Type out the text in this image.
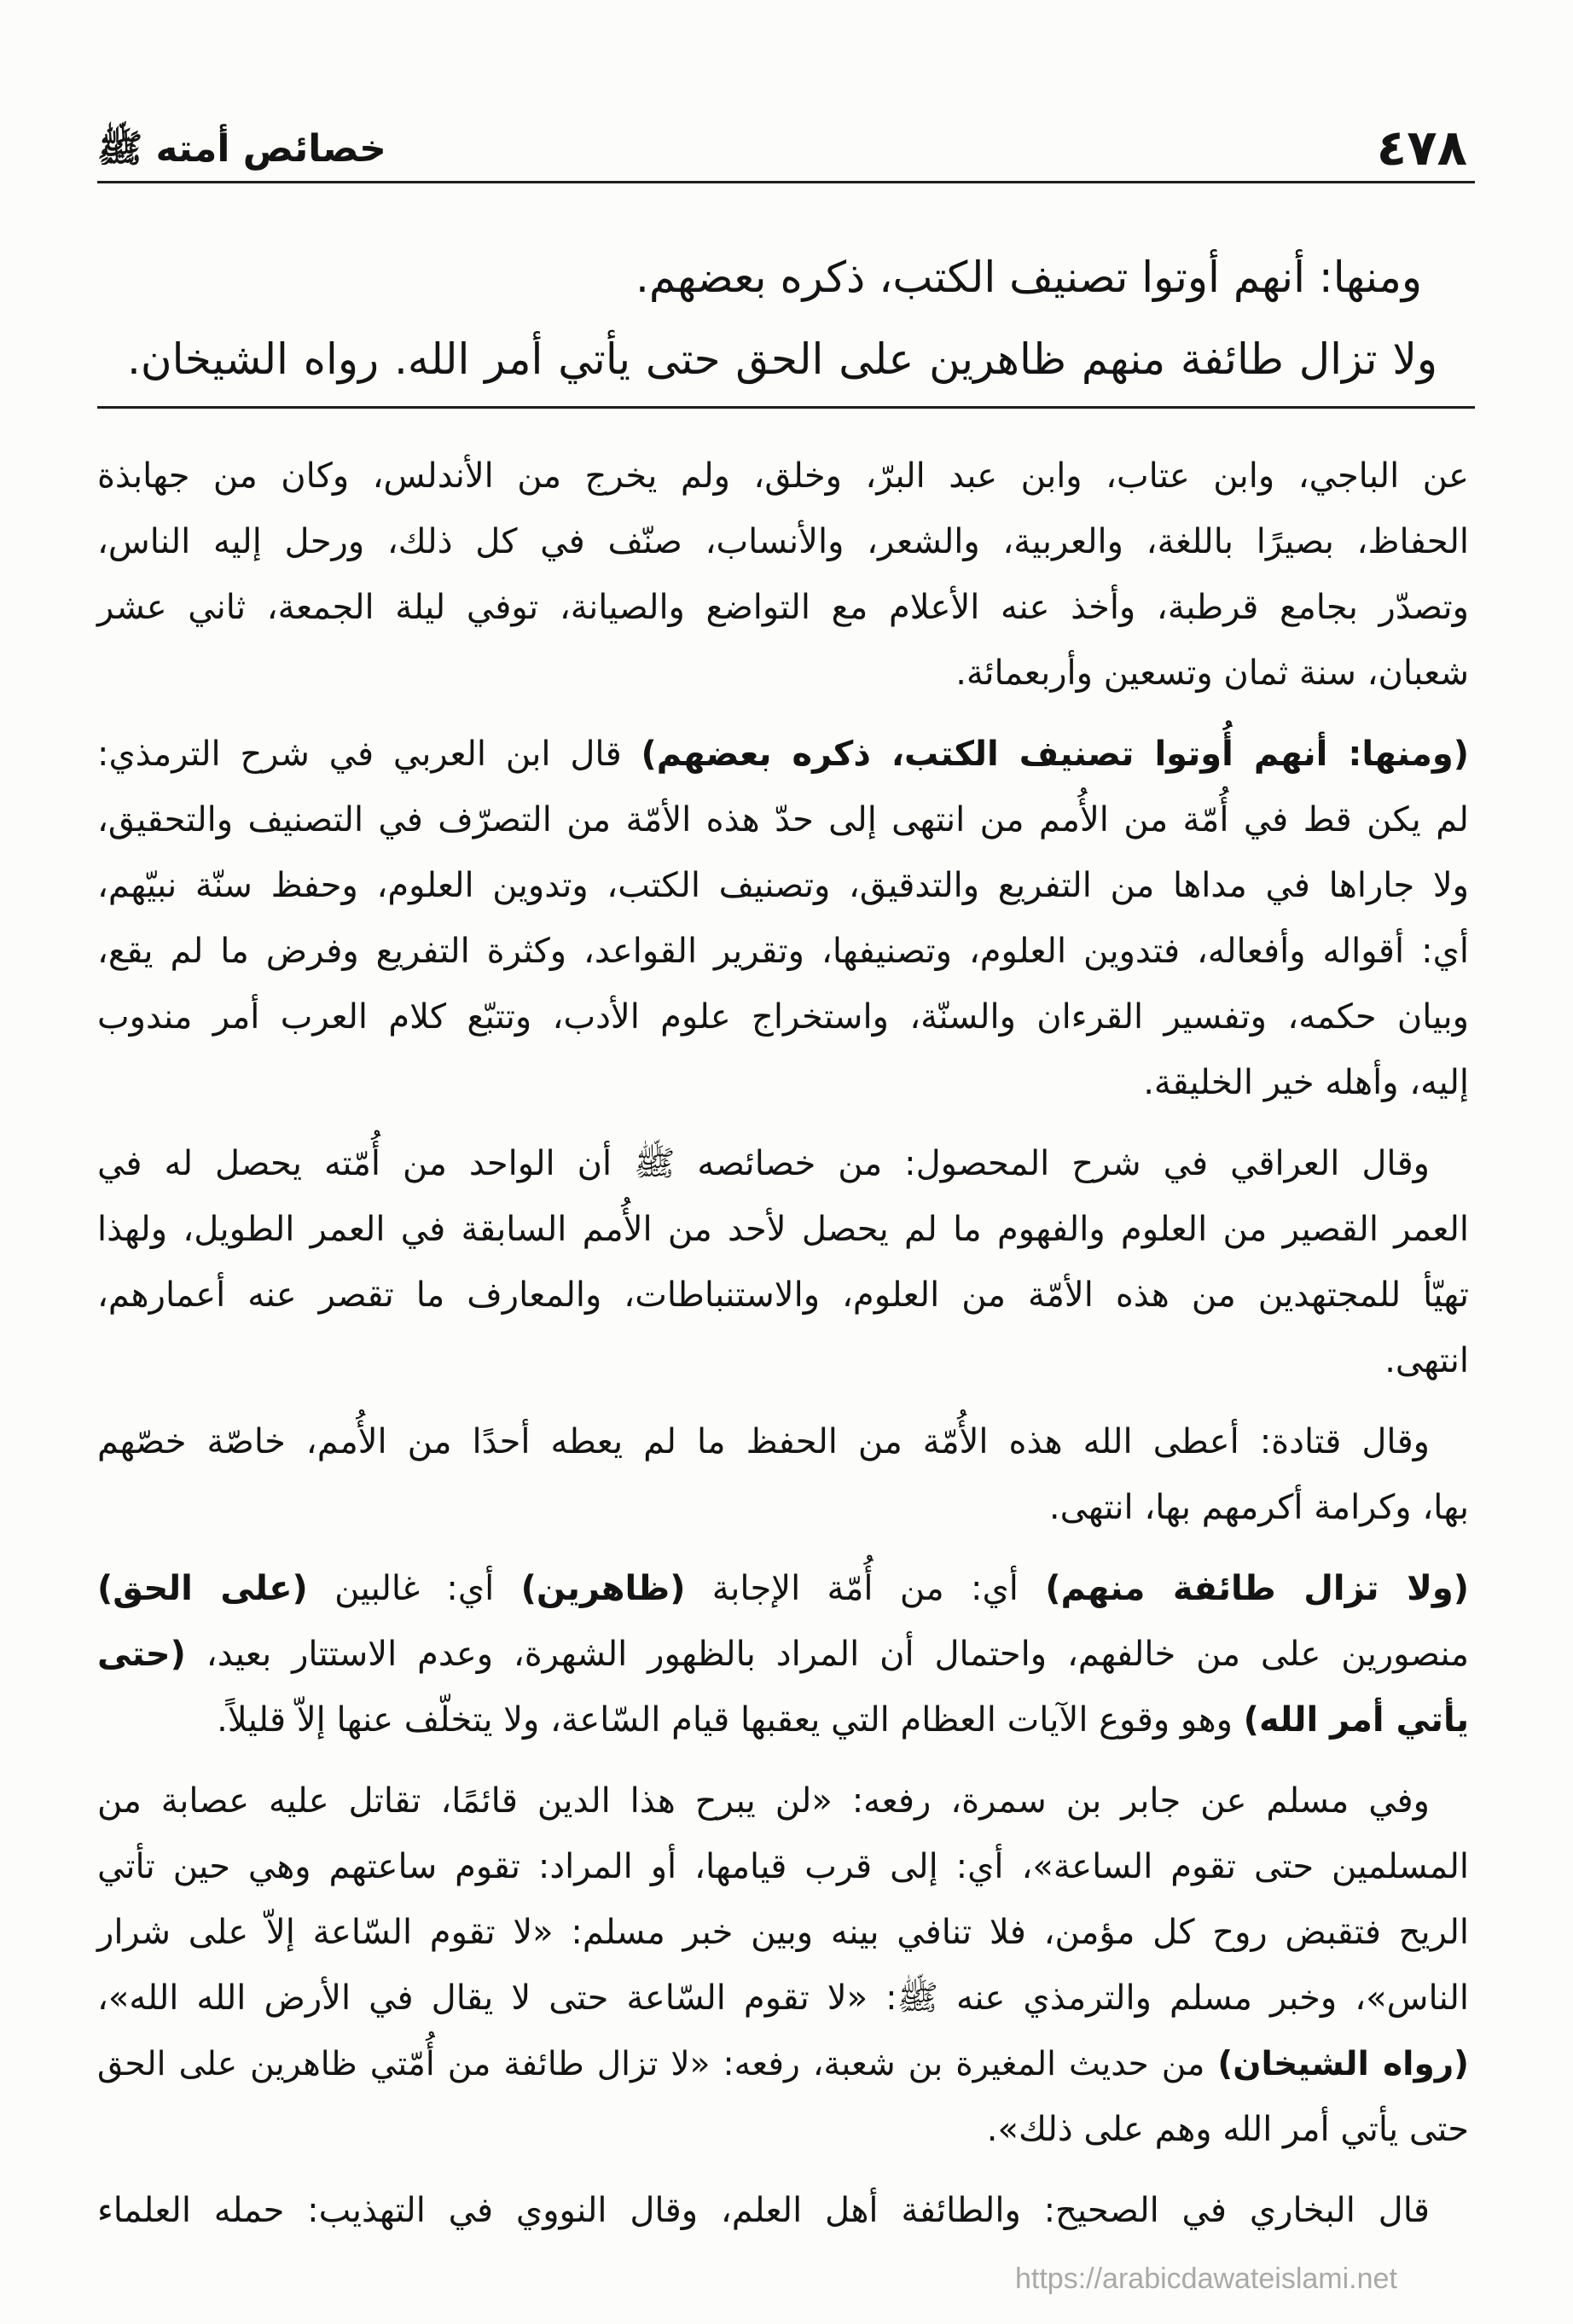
خصائص أمته ﷺ	٤٧٨
ومنها: أنهم أوتوا تصنيف الكتب، ذكره بعضهم.
ولا تزال طائفة منهم ظاهرين على الحق حتى يأتي أمر الله. رواه الشيخان.
عن الباجي، وابن عتاب، وابن عبد البرّ، وخلق، ولم يخرج من الأندلس، وكان من جهابذة
الحفاظ، بصيرًا باللغة، والعربية، والشعر، والأنساب، صنّف في كل ذلك، ورحل إليه الناس،
وتصدّر بجامع قرطبة، وأخذ عنه الأعلام مع التواضع والصيانة، توفي ليلة الجمعة، ثاني عشر
شعبان، سنة ثمان وتسعين وأربعمائة.
(ومنها: أنهم أُوتوا تصنيف الكتب، ذكره بعضهم) قال ابن العربي في شرح الترمذي:
لم يكن قط في أُمّة من الأُمم من انتهى إلى حدّ هذه الأمّة من التصرّف في التصنيف والتحقيق،
ولا جاراها في مداها من التفريع والتدقيق، وتصنيف الكتب، وتدوين العلوم، وحفظ سنّة نبيّهم،
أي: أقواله وأفعاله، فتدوين العلوم، وتصنيفها، وتقرير القواعد، وكثرة التفريع وفرض ما لم يقع،
وبيان حكمه، وتفسير القرءان والسنّة، واستخراج علوم الأدب، وتتبّع كلام العرب أمر مندوب
إليه، وأهله خير الخليقة.
وقال العراقي في شرح المحصول: من خصائصه ﷺ أن الواحد من أُمّته يحصل له في
العمر القصير من العلوم والفهوم ما لم يحصل لأحد من الأُمم السابقة في العمر الطويل، ولهذا
تهيّأ للمجتهدين من هذه الأمّة من العلوم، والاستنباطات، والمعارف ما تقصر عنه أعمارهم،
انتهى.
وقال قتادة: أعطى الله هذه الأُمّة من الحفظ ما لم يعطه أحدًا من الأُمم، خاصّة خصّهم
بها، وكرامة أكرمهم بها، انتهى.
(ولا تزال طائفة منهم) أي: من أُمّة الإجابة (ظاهرين) أي: غالبين (على الحق)
منصورين على من خالفهم، واحتمال أن المراد بالظهور الشهرة، وعدم الاستتار بعيد، (حتى
يأتي أمر الله) وهو وقوع الآيات العظام التي يعقبها قيام السّاعة، ولا يتخلّف عنها إلاّ قليلاً.
وفي مسلم عن جابر بن سمرة، رفعه: «لن يبرح هذا الدين قائمًا، تقاتل عليه عصابة من
المسلمين حتى تقوم الساعة»، أي: إلى قرب قيامها، أو المراد: تقوم ساعتهم وهي حين تأتي
الريح فتقبض روح كل مؤمن، فلا تنافي بينه وبين خبر مسلم: «لا تقوم السّاعة إلاّ على شرار
الناس»، وخبر مسلم والترمذي عنه ﷺ: «لا تقوم السّاعة حتى لا يقال في الأرض الله الله»،
(رواه الشيخان) من حديث المغيرة بن شعبة، رفعه: «لا تزال طائفة من أُمّتي ظاهرين على الحق
حتى يأتي أمر الله وهم على ذلك».
قال البخاري في الصحيح: والطائفة أهل العلم، وقال النووي في التهذيب: حمله العلماء
https://arabicdawateislami.net
